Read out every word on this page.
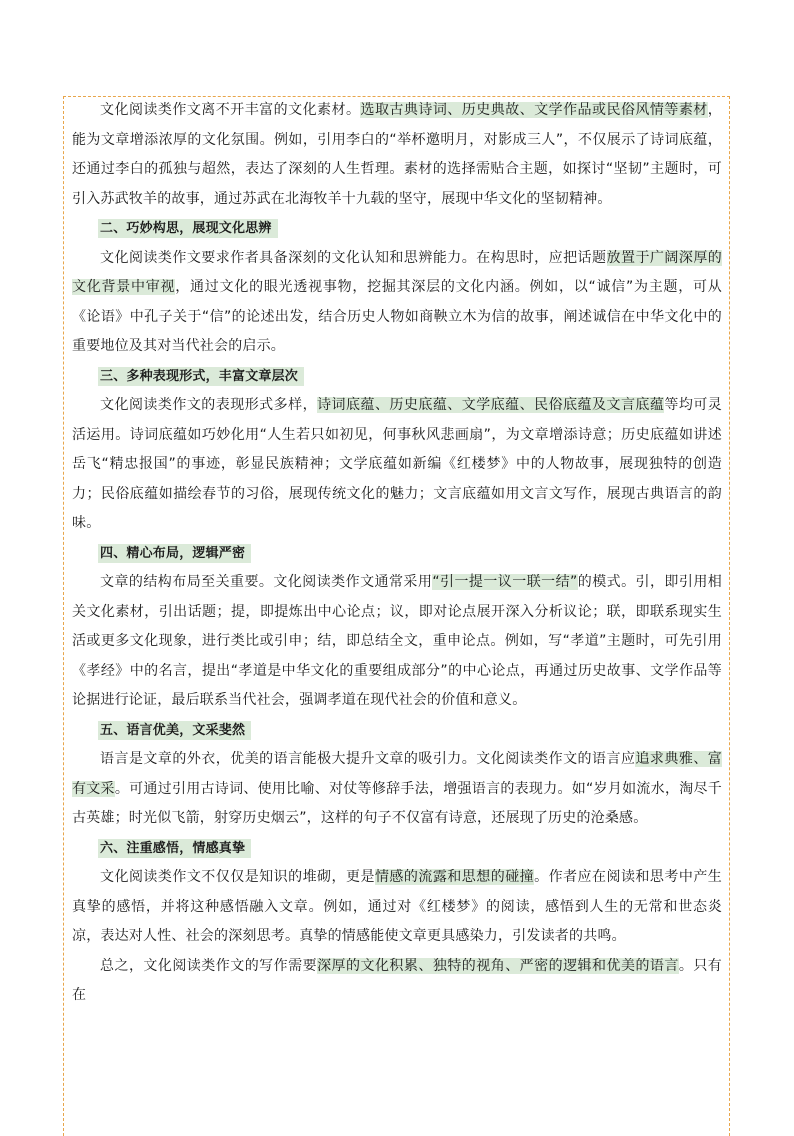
文化阅读类作文离不开丰富的文化素材。选取古典诗词、历史典故、文学作品或民俗风情等素材，能为文章增添浓厚的文化氛围。例如，引用李白的“举杯邀明月，对影成三人”，不仅展示了诗词底蕴，还通过李白的孤独与超然，表达了深刻的人生哲理。素材的选择需贴合主题，如探讨“坚韧”主题时，可引入苏武牧羊的故事，通过苏武在北海牧羊十九载的坚守，展现中华文化的坚韧精神。

二、巧妙构思，展现文化思辨

文化阅读类作文要求作者具备深刻的文化认知和思辨能力。在构思时，应把话题放置于广阔深厚的文化背景中审视，通过文化的眼光透视事物，挖掘其深层的文化内涵。例如，以“诚信”为主题，可从《论语》中孔子关于“信”的论述出发，结合历史人物如商鞅立木为信的故事，阐述诚信在中华文化中的重要地位及其对当代社会的启示。

三、多种表现形式，丰富文章层次

文化阅读类作文的表现形式多样，诗词底蕴、历史底蕴、文学底蕴、民俗底蕴及文言底蕴等均可灵活运用。诗词底蕴如巧妙化用“人生若只如初见，何事秋风悲画扇”，为文章增添诗意；历史底蕴如讲述岳飞“精忠报国”的事迹，彰显民族精神；文学底蕴如新编《红楼梦》中的人物故事，展现独特的创造力；民俗底蕴如描绘春节的习俗，展现传统文化的魅力；文言底蕴如用文言文写作，展现古典语言的韵味。

四、精心布局，逻辑严密

文章的结构布局至关重要。文化阅读类作文通常采用“引一提一议一联一结”的模式。引，即引用相关文化素材，引出话题；提，即提炼出中心论点；议，即对论点展开深入分析议论；联，即联系现实生活或更多文化现象，进行类比或引申；结，即总结全文，重申论点。例如，写“孝道”主题时，可先引用《孝经》中的名言，提出“孝道是中华文化的重要组成部分”的中心论点，再通过历史故事、文学作品等论据进行论证，最后联系当代社会，强调孝道在现代社会的价值和意义。

五、语言优美，文采斐然

语言是文章的外衣，优美的语言能极大提升文章的吸引力。文化阅读类作文的语言应追求典雅、富有文采。可通过引用古诗词、使用比喻、对仗等修辞手法，增强语言的表现力。如“岁月如流水，淘尽千古英雄；时光似飞箭，射穿历史烟云”，这样的句子不仅富有诗意，还展现了历史的沧桑感。

六、注重感悟，情感真挚

文化阅读类作文不仅仅是知识的堆砌，更是情感的流露和思想的碰撞。作者应在阅读和思考中产生真挚的感悟，并将这种感悟融入文章。例如，通过对《红楼梦》的阅读，感悟到人生的无常和世态炎凉，表达对人性、社会的深刻思考。真挚的情感能使文章更具感染力，引发读者的共鸣。

总之，文化阅读类作文的写作需要深厚的文化积累、独特的视角、严密的逻辑和优美的语言。只有在
